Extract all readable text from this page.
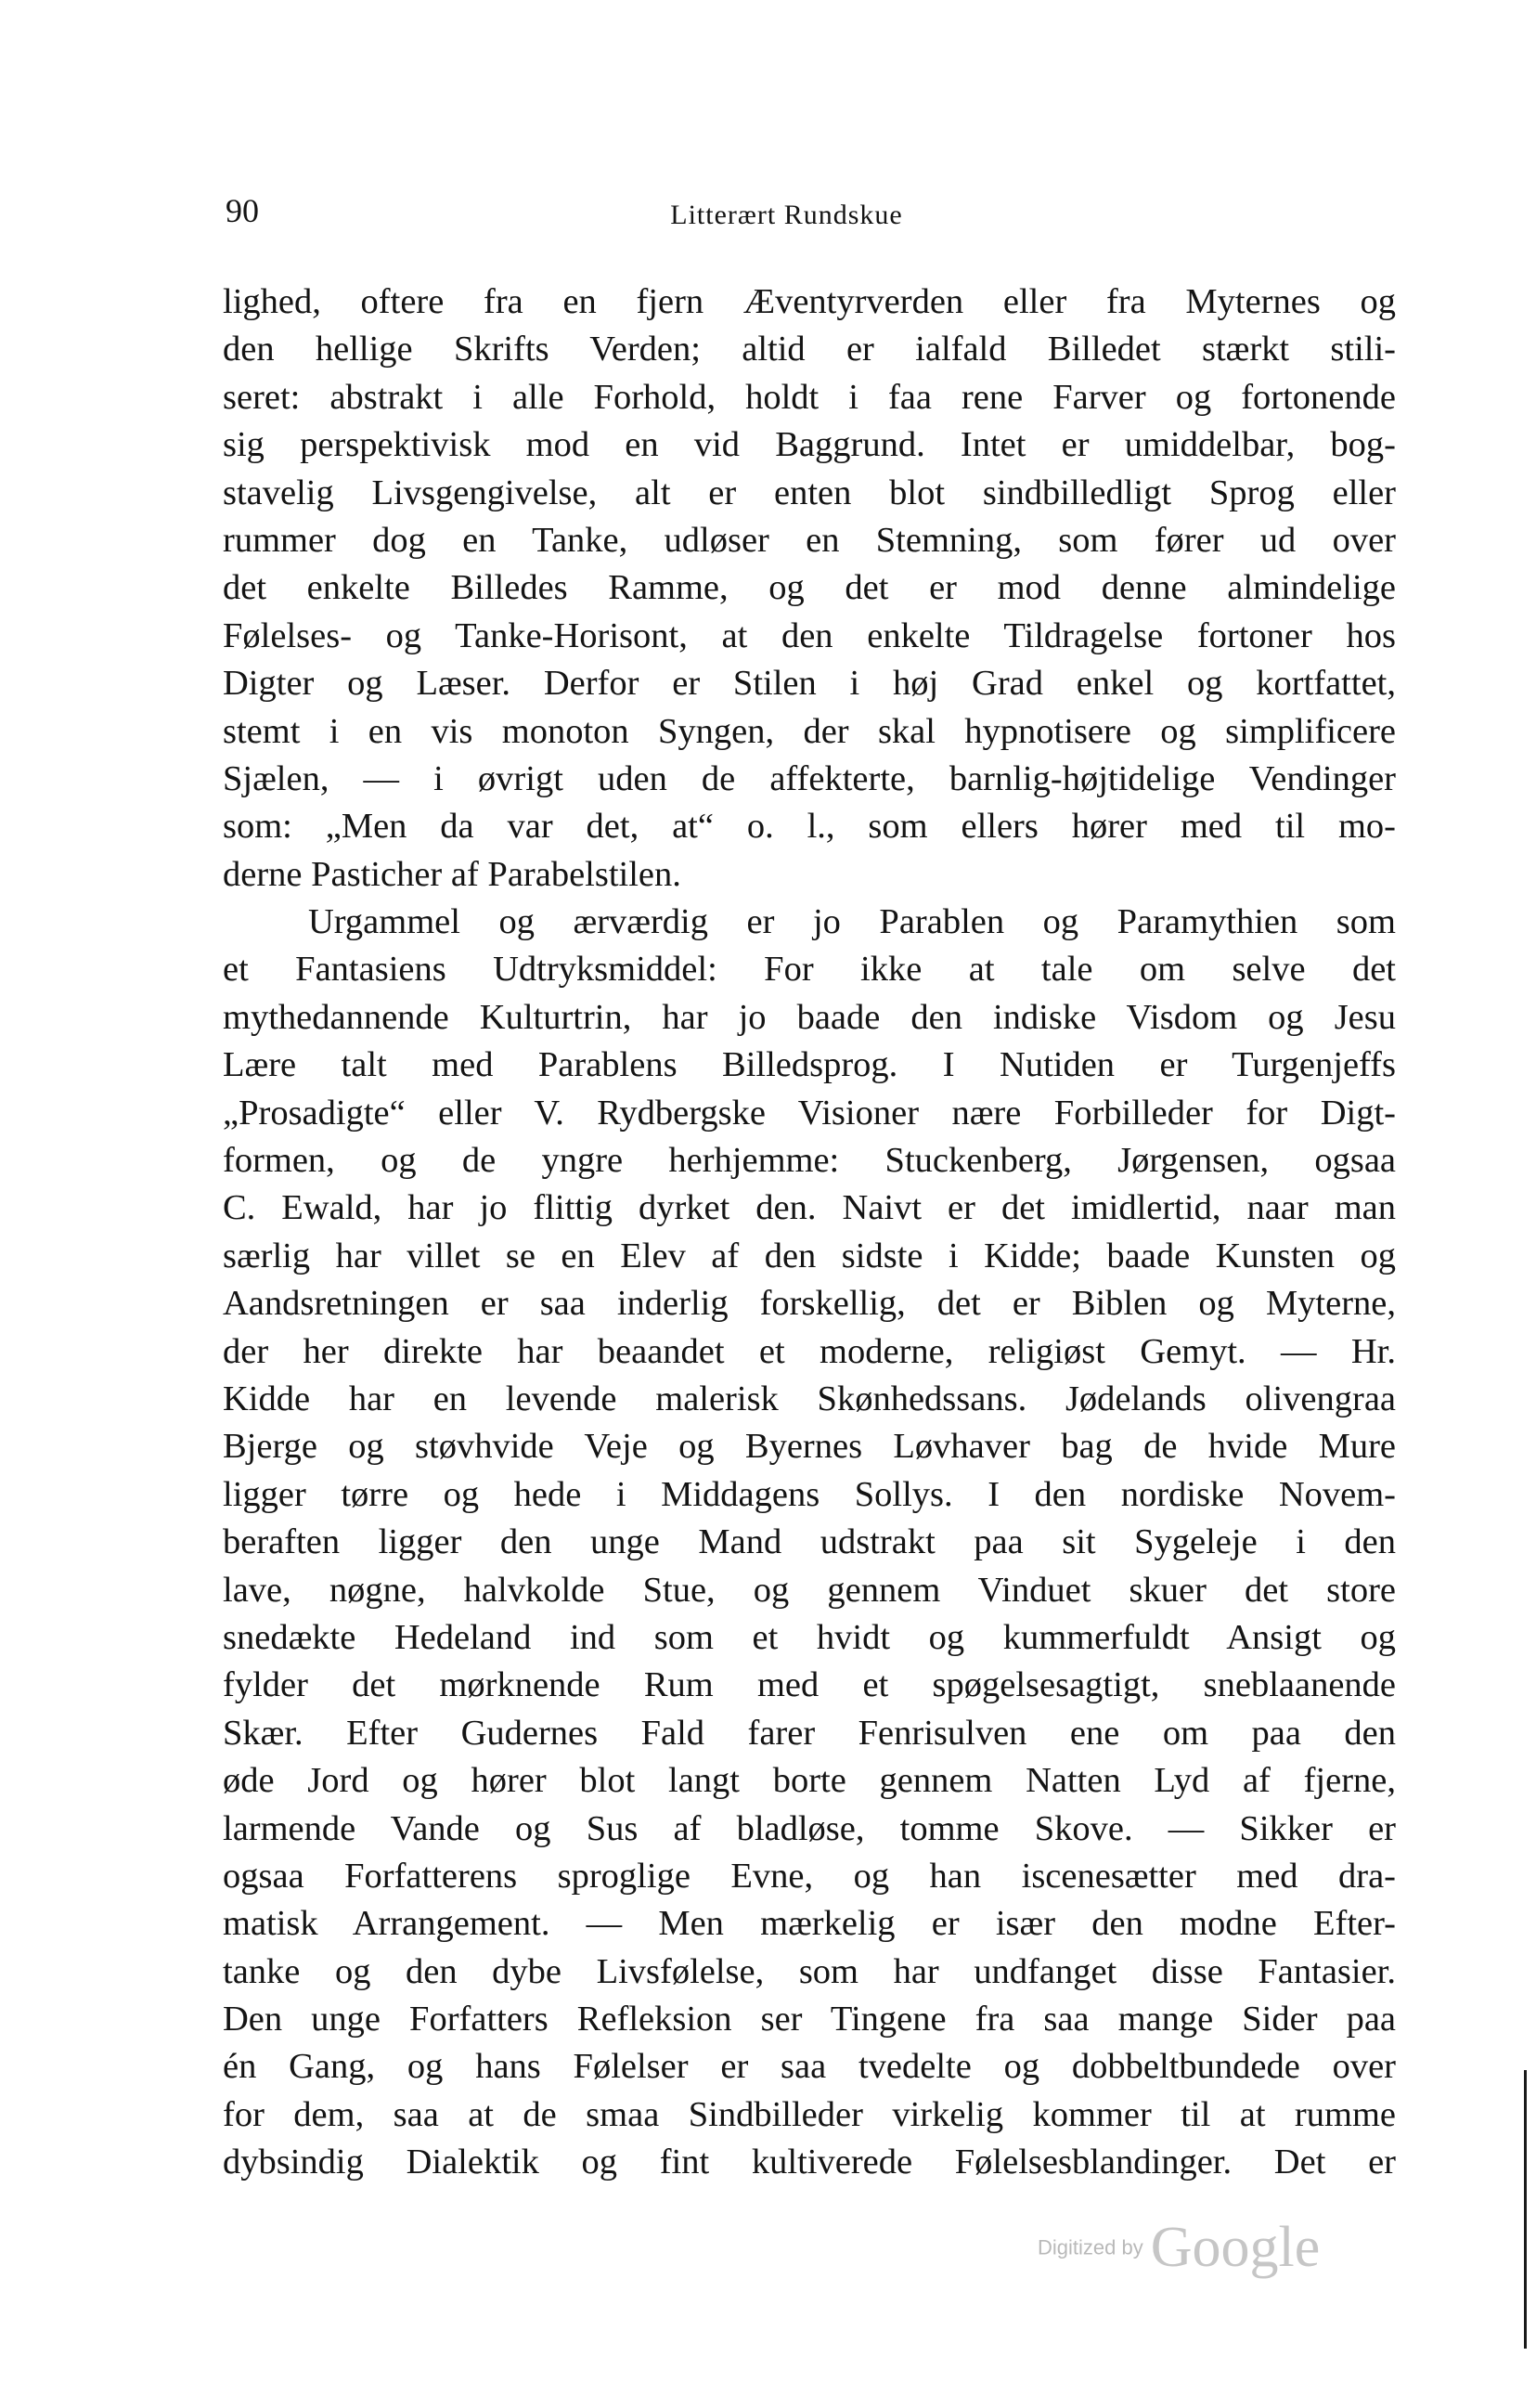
90	Litterært Rundskue
lighed, oftere fra en fjern Æventyrverden eller fra Myternes og
den hellige Skrifts Verden; altid er ialfald Billedet stærkt stili-
seret: abstrakt i alle Forhold, holdt i faa rene Farver og fortonende
sig perspektivisk mod en vid Baggrund. Intet er umiddelbar, bog-
stavelig Livsgengivelse, alt er enten blot sindbilledligt Sprog eller
rummer dog en Tanke, udløser en Stemning, som fører ud over
det enkelte Billedes Ramme, og det er mod denne almindelige
Følelses- og Tanke-Horisont, at den enkelte Tildragelse fortoner hos
Digter og Læser. Derfor er Stilen i høj Grad enkel og kortfattet,
stemt i en vis monoton Syngen, der skal hypnotisere og simplificere
Sjælen, — i øvrigt uden de affekterte, barnlig-højtidelige Vendinger
som: „Men da var det, at“ o. l., som ellers hører med til mo-
derne Pasticher af Parabelstilen.
Urgammel og ærværdig er jo Parablen og Paramythien som
et Fantasiens Udtryksmiddel: For ikke at tale om selve det
mythedannende Kulturtrin, har jo baade den indiske Visdom og Jesu
Lære talt med Parablens Billedsprog. I Nutiden er Turgenjeffs
„Prosadigte“ eller V. Rydbergske Visioner nære Forbilleder for Digt-
formen, og de yngre herhjemme: Stuckenberg, Jørgensen, ogsaa
C. Ewald, har jo flittig dyrket den. Naivt er det imidlertid, naar man
særlig har villet se en Elev af den sidste i Kidde; baade Kunsten og
Aandsretningen er saa inderlig forskellig, det er Biblen og Myterne,
der her direkte har beaandet et moderne, religiøst Gemyt. — Hr.
Kidde har en levende malerisk Skønhedssans. Jødelands olivengraa
Bjerge og støvhvide Veje og Byernes Løvhaver bag de hvide Mure
ligger tørre og hede i Middagens Sollys. I den nordiske Novem-
beraften ligger den unge Mand udstrakt paa sit Sygeleje i den
lave, nøgne, halvkolde Stue, og gennem Vinduet skuer det store
snedækte Hedeland ind som et hvidt og kummerfuldt Ansigt og
fylder det mørknende Rum med et spøgelsesagtigt, sneblaanende
Skær. Efter Gudernes Fald farer Fenrisulven ene om paa den
øde Jord og hører blot langt borte gennem Natten Lyd af fjerne,
larmende Vande og Sus af bladløse, tomme Skove. — Sikker er
ogsaa Forfatterens sproglige Evne, og han iscenesætter med dra-
matisk Arrangement. — Men mærkelig er især den modne Efter-
tanke og den dybe Livsfølelse, som har undfanget disse Fantasier.
Den unge Forfatters Refleksion ser Tingene fra saa mange Sider paa
én Gang, og hans Følelser er saa tvedelte og dobbeltbundede over
for dem, saa at de smaa Sindbilleder virkelig kommer til at rumme
dybsindig Dialektik og fint kultiverede Følelsesblandinger. Det er
Digitized by Google
